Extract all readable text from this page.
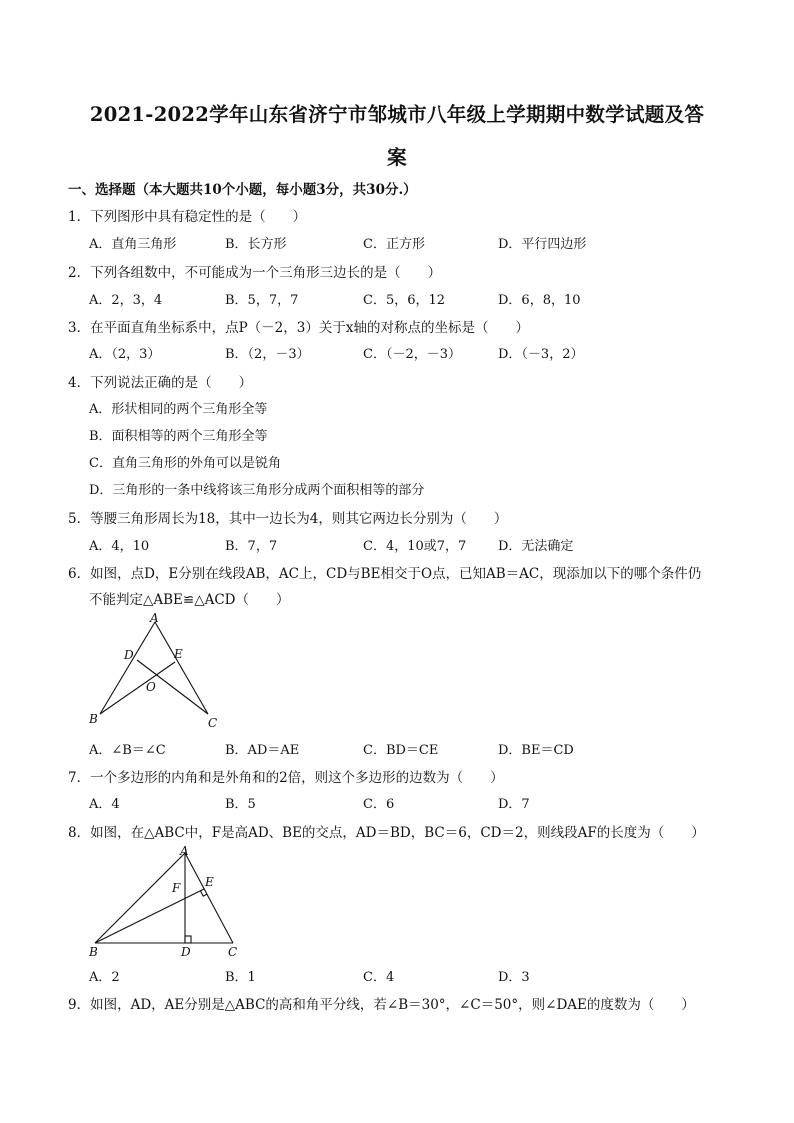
2021-2022学年山东省济宁市邹城市八年级上学期期中数学试题及答
案
一、选择题（本大题共10个小题，每小题3分，共30分.）
1．下列图形中具有稳定性的是（　　）
A．直角三角形	B．长方形	C．正方形	D．平行四边形
2．下列各组数中，不可能成为一个三角形三边长的是（　　）
A．2，3，4	B．5，7，7	C．5，6，12	D．6，8，10
3．在平面直角坐标系中，点P（－2，3）关于x轴的对称点的坐标是（　　）
A．（2，3）	B．（2，－3）	C．（－2，－3）	D．（－3，2）
4．下列说法正确的是（　　）
A．形状相同的两个三角形全等
B．面积相等的两个三角形全等
C．直角三角形的外角可以是锐角
D．三角形的一条中线将该三角形分成两个面积相等的部分
5．等腰三角形周长为18，其中一边长为4，则其它两边长分别为（　　）
A．4，10	B．7，7	C．4，10或7，7 D．无法确定
6．如图，点D，E分别在线段AB，AC上，CD与BE相交于O点，已知AB＝AC，现添加以下的哪个条件仍
不能判定△ABE≌△ACD（　　）
A
D	E
O
B	C
A．∠B＝∠C	B．AD＝AE	C．BD＝CE	D．BE＝CD
7．一个多边形的内角和是外角和的2倍，则这个多边形的边数为（　　）
A．4	B．5	C．6	D．7
8．如图，在△ABC中，F是高AD、BE的交点，AD＝BD，BC＝6，CD＝2，则线段AF的长度为（　　）
A
F E
B	D	C
A．2	B．1	C．4	D．3
9．如图，AD，AE分别是△ABC的高和角平分线，若∠B＝30°，∠C＝50°，则∠DAE的度数为（　　）
